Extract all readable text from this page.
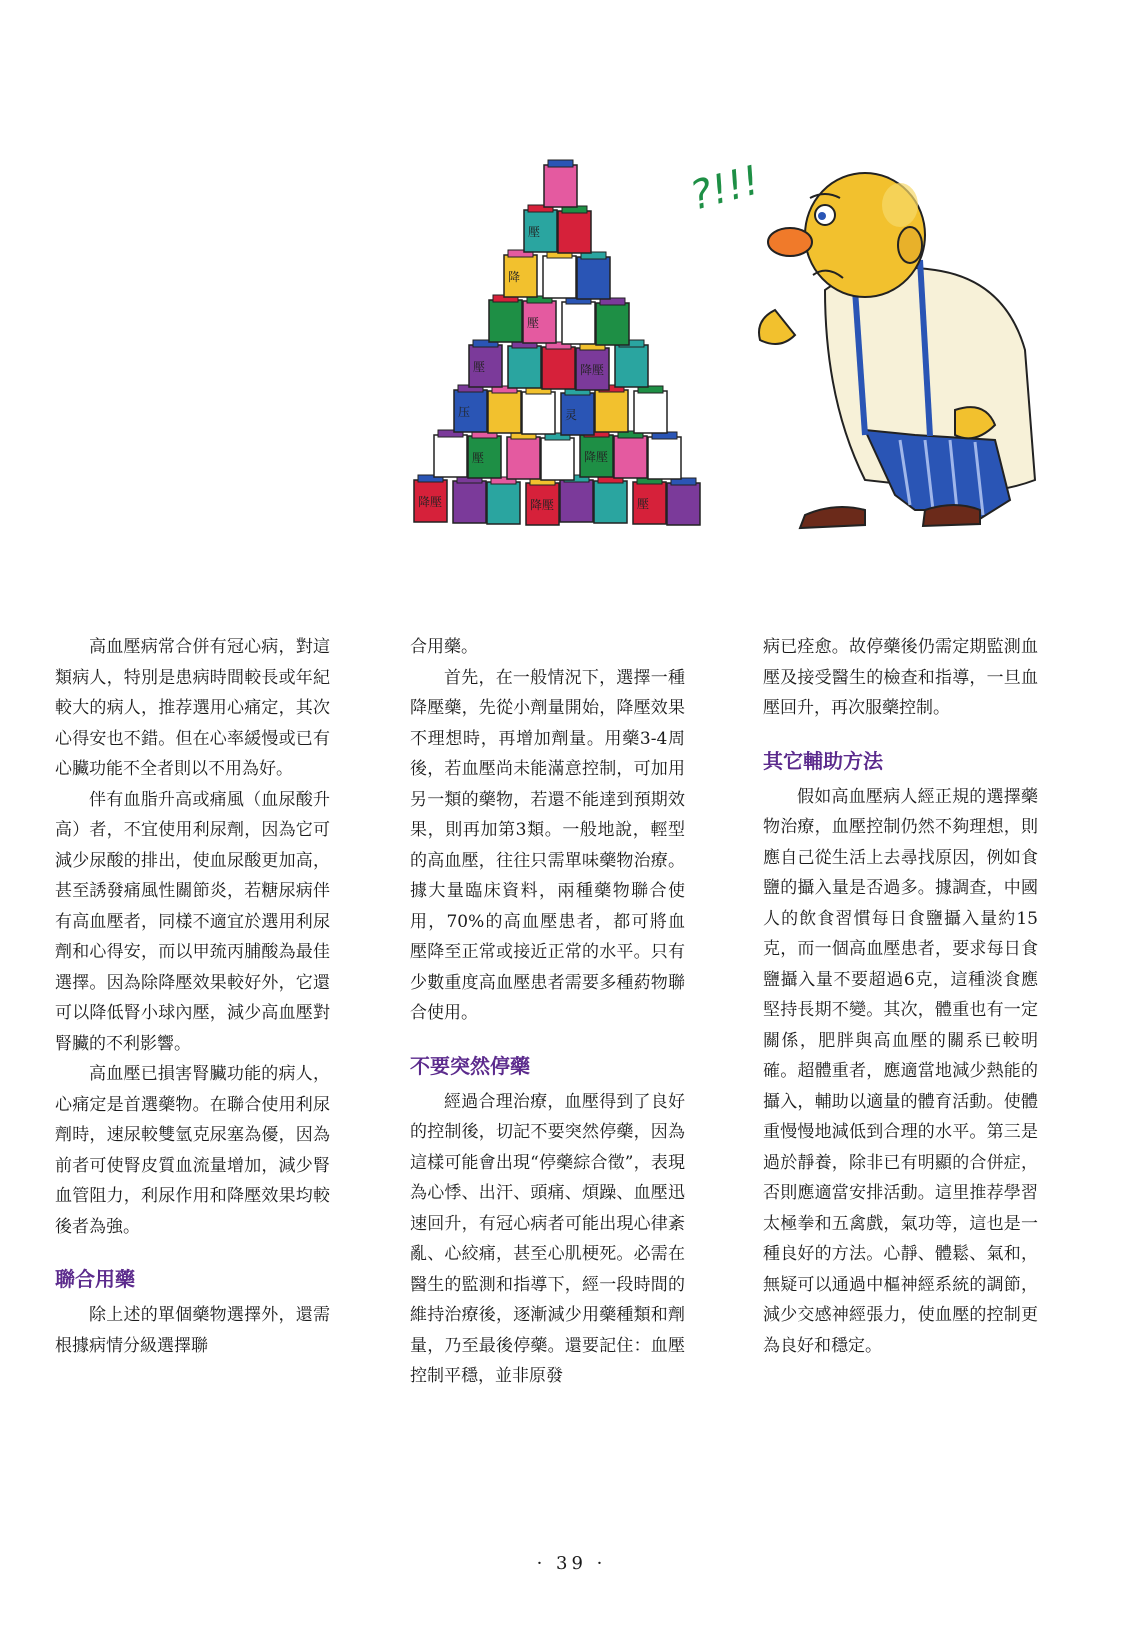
降壓	降壓	壓
壓	降壓
压	灵
壓	降壓
壓
降
壓
?!!!

高血壓病常合併有冠心病，對這類病人，特別是患病時間較長或年紀較大的病人，推荐選用心痛定，其次心得安也不錯。但在心率緩慢或已有心臟功能不全者則以不用為好。

伴有血脂升高或痛風（血尿酸升高）者，不宜使用利尿劑，因為它可減少尿酸的排出，使血尿酸更加高，甚至誘發痛風性關節炎，若糖尿病伴有高血壓者，同樣不適宜於選用利尿劑和心得安，而以甲巯丙脯酸為最佳選擇。因為除降壓效果較好外，它還可以降低腎小球內壓，減少高血壓對腎臟的不利影響。

高血壓已損害腎臟功能的病人，心痛定是首選藥物。在聯合使用利尿劑時，速尿較雙氫克尿塞為優，因為前者可使腎皮質血流量增加，減少腎血管阻力，利尿作用和降壓效果均較後者為強。

聯合用藥

除上述的單個藥物選擇外，還需根據病情分級選擇聯

合用藥。

首先，在一般情況下，選擇一種降壓藥，先從小劑量開始，降壓效果不理想時，再增加劑量。用藥3-4周後，若血壓尚未能滿意控制，可加用另一類的藥物，若還不能達到預期效果，則再加第3類。一般地說，輕型的高血壓，往往只需單味藥物治療。據大量臨床資料，兩種藥物聯合使用，70%的高血壓患者，都可將血壓降至正常或接近正常的水平。只有少數重度高血壓患者需要多種葯物聯合使用。

不要突然停藥

經過合理治療，血壓得到了良好的控制後，切記不要突然停藥，因為這樣可能會出現“停藥綜合徵”，表現為心悸、出汗、頭痛、煩躁、血壓迅速回升，有冠心病者可能出現心律紊亂、心絞痛，甚至心肌梗死。必需在醫生的監測和指導下，經一段時間的維持治療後，逐漸減少用藥種類和劑量，乃至最後停藥。還要記住：血壓控制平穩，並非原發

病已痊愈。故停藥後仍需定期監測血壓及接受醫生的檢查和指導，一旦血壓回升，再次服藥控制。

其它輔助方法

假如高血壓病人經正規的選擇藥物治療，血壓控制仍然不夠理想，則應自己從生活上去尋找原因，例如食鹽的攝入量是否過多。據調查，中國人的飲食習慣每日食鹽攝入量約15克，而一個高血壓患者，要求每日食鹽攝入量不要超過6克，這種淡食應堅持長期不變。其次，體重也有一定關係，肥胖與高血壓的關系已較明確。超體重者，應適當地減少熱能的攝入，輔助以適量的體育活動。使體重慢慢地減低到合理的水平。第三是過於靜養，除非已有明顯的合併症，否則應適當安排活動。這里推荐學習太極拳和五禽戲，氣功等，這也是一種良好的方法。心靜、體鬆、氣和，無疑可以通過中樞神經系統的調節，減少交感神經張力，使血壓的控制更為良好和穩定。

· 39 ·
